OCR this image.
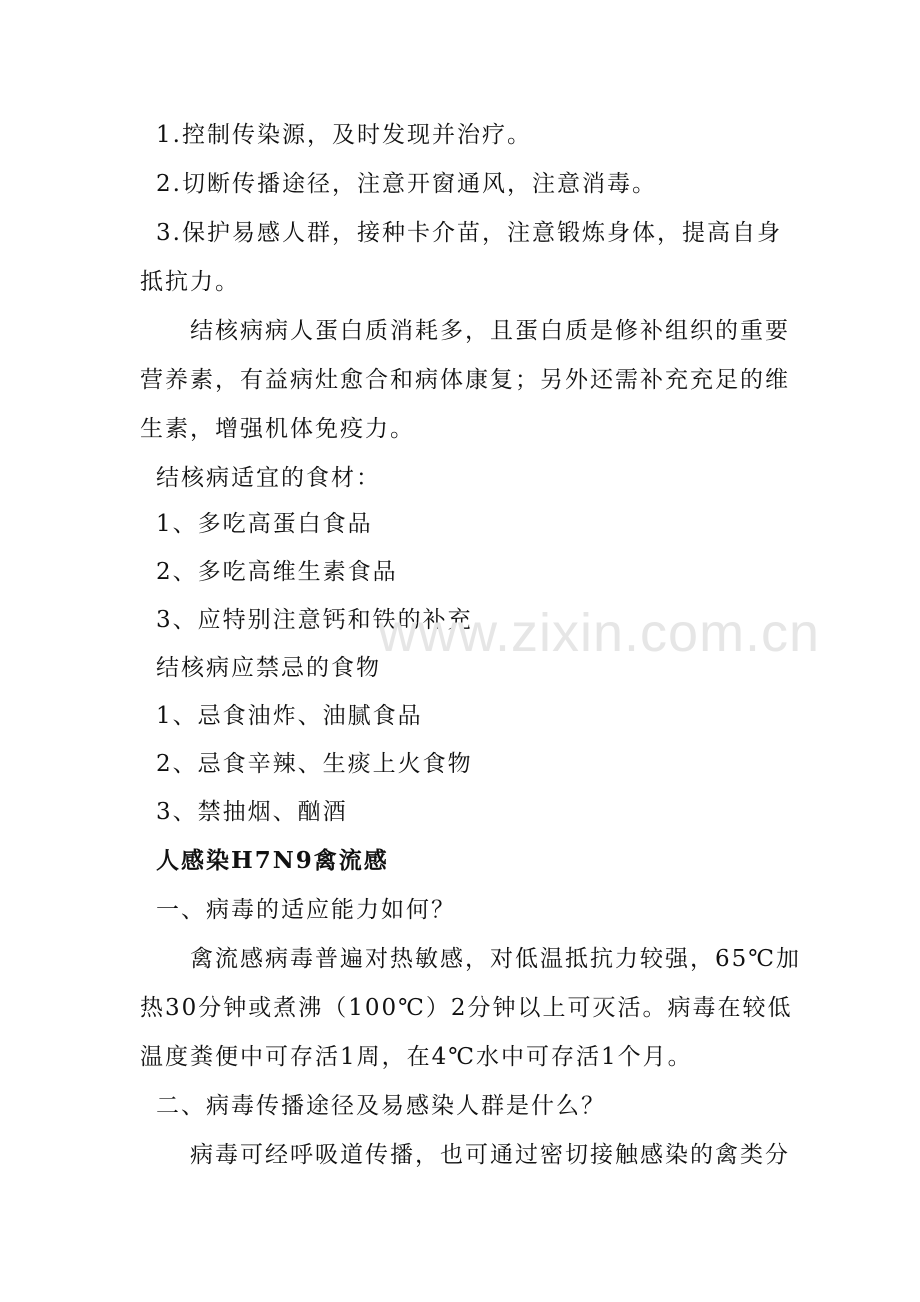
1.控制传染源，及时发现并治疗。
2.切断传播途径，注意开窗通风，注意消毒。
3.保护易感人群，接种卡介苗，注意锻炼身体，提高自身
抵抗力。
结核病病人蛋白质消耗多，且蛋白质是修补组织的重要
营养素，有益病灶愈合和病体康复；另外还需补充充足的维
生素，增强机体免疫力。
结核病适宜的食材：
1、多吃高蛋白食品
2、多吃高维生素食品
3、应特别注意钙和铁的补充
结核病应禁忌的食物
1、忌食油炸、油腻食品
2、忌食辛辣、生痰上火食物
3、禁抽烟、酗酒
人感染H7N9禽流感
一、病毒的适应能力如何？
禽流感病毒普遍对热敏感，对低温抵抗力较强，65℃加
热30分钟或煮沸（100℃）2分钟以上可灭活。病毒在较低
温度粪便中可存活1周，在4℃水中可存活1个月。
二、病毒传播途径及易感染人群是什么？
病毒可经呼吸道传播，也可通过密切接触感染的禽类分
www.zixin.com.cn
